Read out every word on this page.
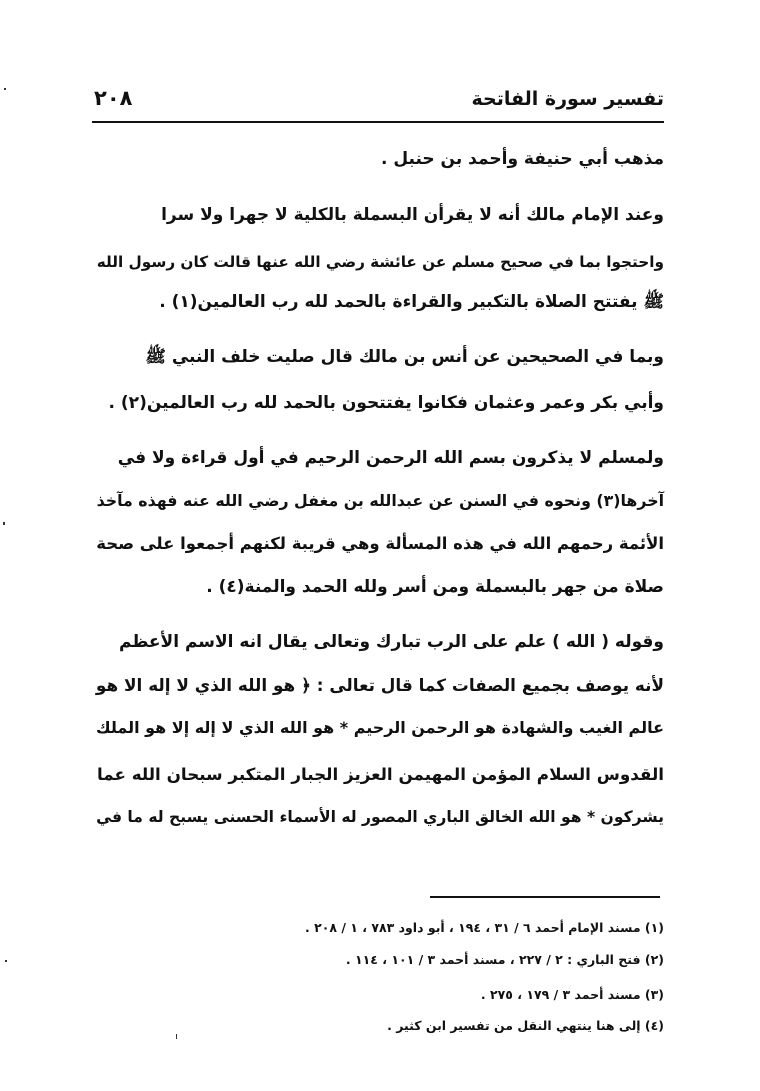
تفسير سورة الفاتحة
٢٠٨
مذهب أبي حنيفة وأحمد بن حنبل .
وعند الإمام مالك أنه لا يقرأن البسملة بالكلية لا جهرا ولا سرا
واحتجوا بما في صحيح مسلم عن عائشة رضي الله عنها قالت كان رسول الله
ﷺ يفتتح الصلاة بالتكبير والقراءة بالحمد لله رب العالمين(١) .
وبما في الصحيحين عن أنس بن مالك قال صليت خلف النبي ﷺ
وأبي بكر وعمر وعثمان فكانوا يفتتحون بالحمد لله رب العالمين(٢) .
ولمسلم لا يذكرون بسم الله الرحمن الرحيم في أول قراءة ولا في
آخرها(٣) ونحوه في السنن عن عبدالله بن مغفل رضي الله عنه فهذه مآخذ
الأئمة رحمهم الله في هذه المسألة وهي قريبة لكنهم أجمعوا على صحة
صلاة من جهر بالبسملة ومن أسر ولله الحمد والمنة(٤) .
وقوله ( الله ) علم على الرب تبارك وتعالى يقال انه الاسم الأعظم
لأنه يوصف بجميع الصفات كما قال تعالى : ﴿ هو الله الذي لا إله الا هو
عالم الغيب والشهادة هو الرحمن الرحيم * هو الله الذي لا إله إلا هو الملك
القدوس السلام المؤمن المهيمن العزيز الجبار المتكبر سبحان الله عما
يشركون * هو الله الخالق الباري المصور له الأسماء الحسنى يسبح له ما في
(١) مسند الإمام أحمد ٦ / ٣١ ، ١٩٤ ، أبو داود ٧٨٣ ، ١ / ٢٠٨ .
(٢) فتح الباري : ٢ / ٢٢٧ ، مسند أحمد ٣ / ١٠١ ، ١١٤ .
(٣) مسند أحمد ٣ / ١٧٩ ، ٢٧٥ .
(٤) إلى هنا ينتهي النقل من تفسير ابن كثير .
